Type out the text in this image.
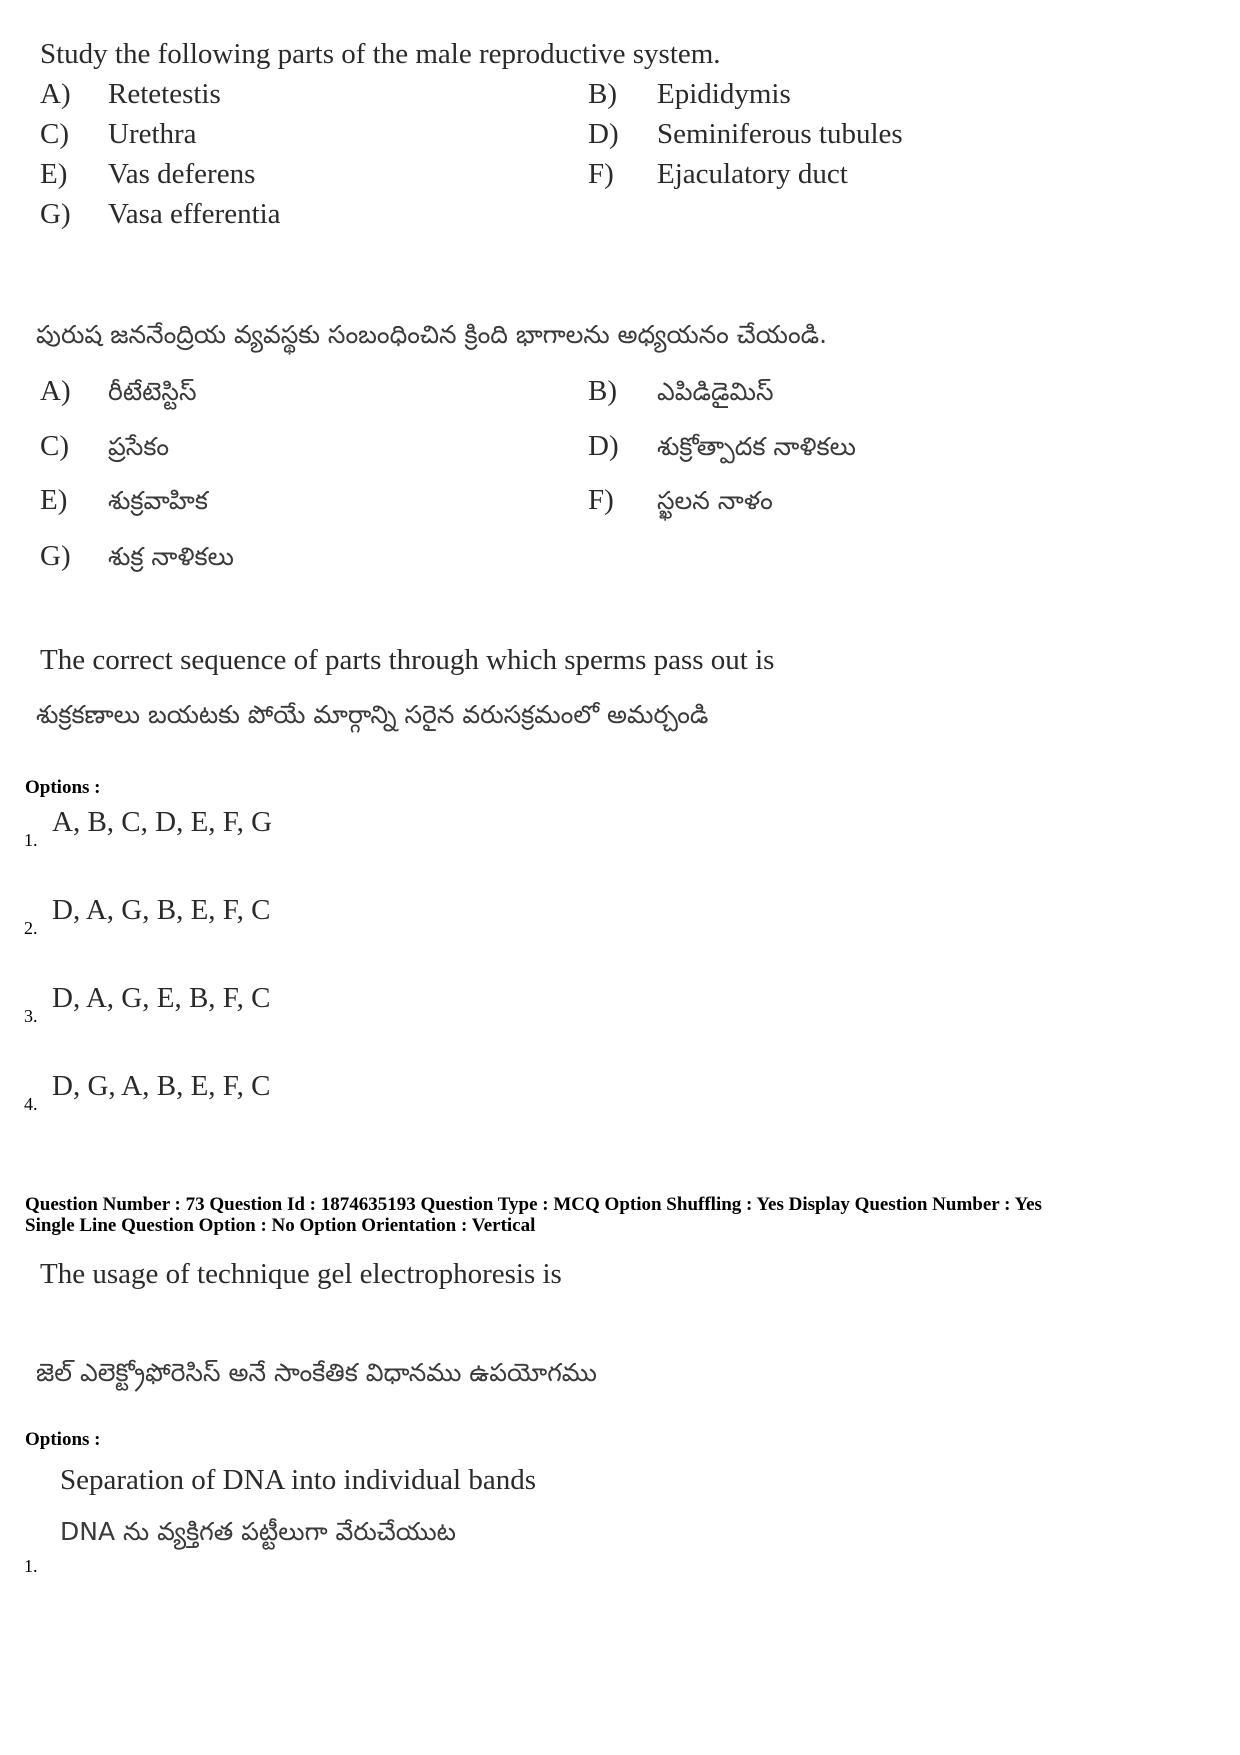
Study the following parts of the male reproductive system.
A) Retetestis	B) Epididymis
C) Urethra	D) Seminiferous tubules
E) Vas deferens	F) Ejaculatory duct
G) Vasa efferentia
పురుష జననేంద్రియ వ్యవస్థకు సంబంధించిన క్రింది భాగాలను అధ్యయనం చేయండి.
A) రీటేటెస్టిస్	B) ఎపిడిడైమిస్
C) ప్రసేకం	D) శుక్రోత్పాదక నాళికలు
E) శుక్రవాహిక	F) స్ఖలన నాళం
G) శుక్ర నాళికలు
The correct sequence of parts through which sperms pass out is
శుక్రకణాలు బయటకు పోయే మార్గాన్ని సరైన వరుసక్రమంలో అమర్చండి
Options :
1.
A, B, C, D, E, F, G
2.
D, A, G, B, E, F, C
3.
D, A, G, E, B, F, C
4.
D, G, A, B, E, F, C
Question Number : 73 Question Id : 1874635193 Question Type : MCQ Option Shuffling : Yes Display Question Number : Yes
Single Line Question Option : No Option Orientation : Vertical
The usage of technique gel electrophoresis is
జెల్ ఎలెక్ట్రోఫోరెసిస్ అనే సాంకేతిక విధానము ఉపయోగము
Options :
Separation of DNA into individual bands
DNA ను వ్యక్తిగత పట్టీలుగా వేరుచేయుట
1.
